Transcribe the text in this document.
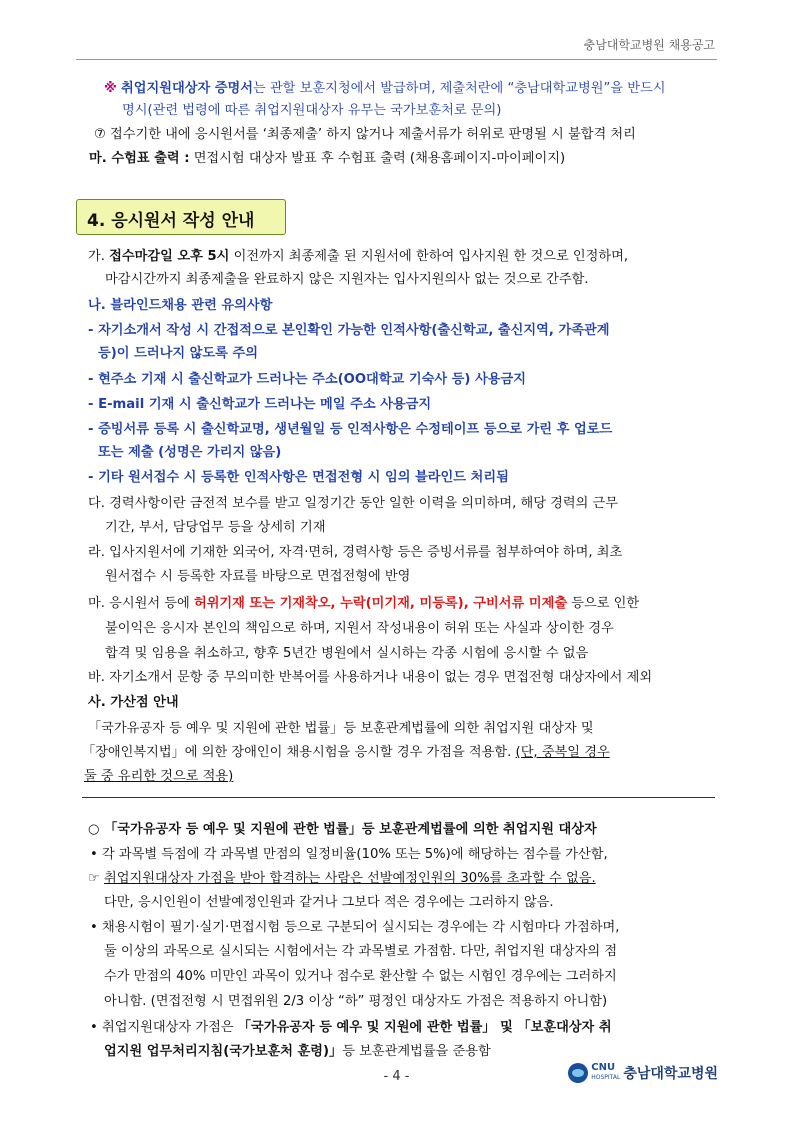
충남대학교병원 채용공고
※ 취업지원대상자 증명서는 관할 보훈지청에서 발급하며, 제출처란에 “충남대학교병원”을 반드시
명시(관련 법령에 따른 취업지원대상자 유무는 국가보훈처로 문의)
⑦ 접수기한 내에 응시원서를 ‘최종제출’ 하지 않거나 제출서류가 허위로 판명될 시 불합격 처리
마. 수험표 출력 : 면접시험 대상자 발표 후 수험표 출력 (채용홈페이지-마이페이지)
4. 응시원서 작성 안내
가. 접수마감일 오후 5시 이전까지 최종제출 된 지원서에 한하여 입사지원 한 것으로 인정하며,
마감시간까지 최종제출을 완료하지 않은 지원자는 입사지원의사 없는 것으로 간주함.
나. 블라인드채용 관련 유의사항
- 자기소개서 작성 시 간접적으로 본인확인 가능한 인적사항(출신학교, 출신지역, 가족관계
등)이 드러나지 않도록 주의
- 현주소 기재 시 출신학교가 드러나는 주소(OO대학교 기숙사 등) 사용금지
- E-mail 기재 시 출신학교가 드러나는 메일 주소 사용금지
- 증빙서류 등록 시 출신학교명, 생년월일 등 인적사항은 수정테이프 등으로 가린 후 업로드
또는 제출 (성명은 가리지 않음)
- 기타 원서접수 시 등록한 인적사항은 면접전형 시 임의 블라인드 처리됨
다. 경력사항이란 금전적 보수를 받고 일정기간 동안 일한 이력을 의미하며, 해당 경력의 근무
기간, 부서, 담당업무 등을 상세히 기재
라. 입사지원서에 기재한 외국어, 자격·면허, 경력사항 등은 증빙서류를 첨부하여야 하며, 최초
원서접수 시 등록한 자료를 바탕으로 면접전형에 반영
마. 응시원서 등에 허위기재 또는 기재착오, 누락(미기재, 미등록), 구비서류 미제출 등으로 인한
불이익은 응시자 본인의 책임으로 하며, 지원서 작성내용이 허위 또는 사실과 상이한 경우
합격 및 임용을 취소하고, 향후 5년간 병원에서 실시하는 각종 시험에 응시할 수 없음
바. 자기소개서 문항 중 무의미한 반복어를 사용하거나 내용이 없는 경우 면접전형 대상자에서 제외
사. 가산점 안내
「국가유공자 등 예우 및 지원에 관한 법률」등 보훈관계법률에 의한 취업지원 대상자 및
「장애인복지법」에 의한 장애인이 채용시험을 응시할 경우 가점을 적용함. (단, 중복일 경우
둘 중 유리한 것으로 적용)
○ 「국가유공자 등 예우 및 지원에 관한 법률」등 보훈관계법률에 의한 취업지원 대상자
• 각 과목별 득점에 각 과목별 만점의 일정비율(10% 또는 5%)에 해당하는 점수를 가산함,
☞ 취업지원대상자 가점을 받아 합격하는 사람은 선발예정인원의 30%를 초과할 수 없음.
다만, 응시인원이 선발예정인원과 같거나 그보다 적은 경우에는 그러하지 않음.
• 채용시험이 필기·실기·면접시험 등으로 구분되어 실시되는 경우에는 각 시험마다 가점하며,
둘 이상의 과목으로 실시되는 시험에서는 각 과목별로 가점함. 다만, 취업지원 대상자의 점
수가 만점의 40% 미만인 과목이 있거나 점수로 환산할 수 없는 시험인 경우에는 그러하지
아니함. (면접전형 시 면접위원 2/3 이상 “하” 평정인 대상자도 가점은 적용하지 아니함)
• 취업지원대상자 가점은 「국가유공자 등 예우 및 지원에 관한 법률」 및 「보훈대상자 취
업지원 업무처리지침(국가보훈처 훈령)」등 보훈관계법률을 준용함
- 4 -
CNU
HOSPITAL 충남대학교병원
